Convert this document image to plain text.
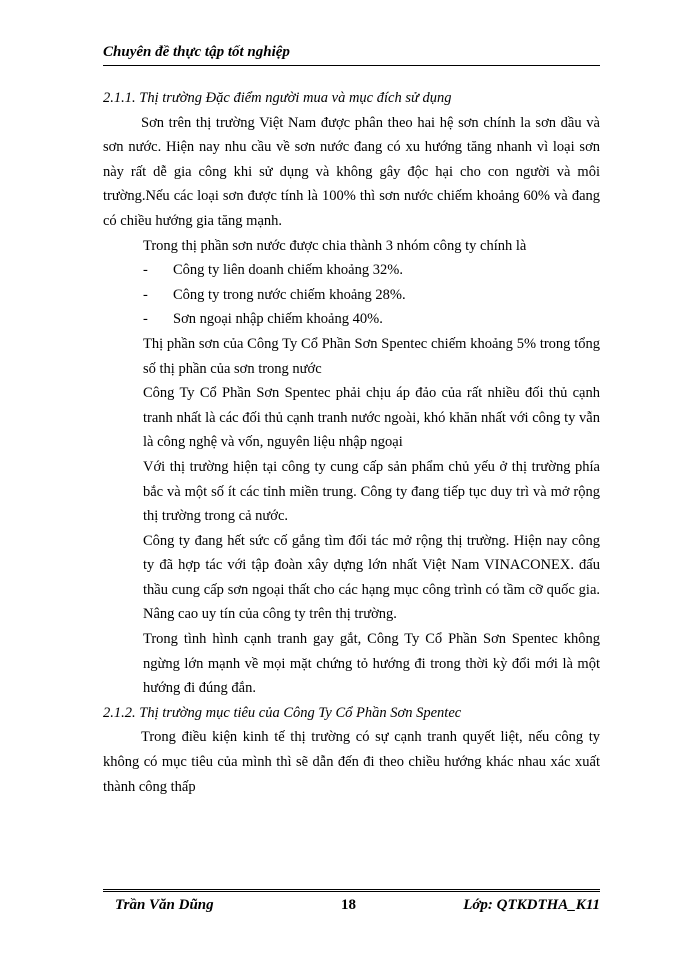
Chuyên đề thực tập tốt nghiệp

2.1.1. Thị trường Đặc điểm người mua và mục đích sử dụng

Sơn trên thị trường Việt Nam được phân theo hai hệ sơn chính la sơn dầu và sơn nước. Hiện nay nhu cầu về sơn nước đang có xu hướng tăng nhanh vì loại sơn này rất dễ gia công khi sử dụng và không gây độc hại cho con người và môi trường.Nếu các loại sơn được tính là 100% thì sơn nước chiếm khoảng 60% và đang có chiều hướng gia tăng mạnh.

Trong thị phần sơn nước được chia thành 3 nhóm công ty chính là

-	Công ty liên doanh chiếm khoảng 32%.
-	Công ty trong nước chiếm khoảng 28%.
-	Sơn ngoại nhập chiếm khoảng 40%.

Thị phần sơn của Công Ty Cổ Phần Sơn Spentec chiếm khoảng 5% trong tổng số thị phần của sơn trong nước

Công Ty Cổ Phần Sơn Spentec phải chịu áp đảo của rất nhiều đối thủ cạnh tranh nhất là các đối thủ cạnh tranh nước ngoài, khó khăn nhất với công ty vẫn là công nghệ và vốn, nguyên liệu nhập ngoại

Với thị trường hiện tại công ty cung cấp sản phẩm chủ yếu ở thị trường phía bắc và một số ít các tỉnh miền trung. Công ty đang tiếp tục duy trì và mở rộng thị trường trong cả nước.

Công ty đang hết sức cố gắng tìm đối tác mở rộng thị trường. Hiện nay công ty đã hợp tác với tập đoàn xây dựng lớn nhất Việt Nam VINACONEX. đấu thầu cung cấp sơn ngoại thất cho các hạng mục công trình có tầm cỡ quốc gia. Nâng cao uy tín của công ty trên thị trường.

Trong tình hình cạnh tranh gay gắt, Công Ty Cổ Phần Sơn Spentec không ngừng lớn mạnh về mọi mặt chứng tỏ hướng đi trong thời kỳ đổi mới là một hướng đi đúng đắn.

2.1.2. Thị trường mục tiêu của Công Ty Cổ Phần Sơn Spentec

Trong điều kiện kinh tế thị trường có sự cạnh tranh quyết liệt, nếu công ty không có mục tiêu của mình thì sẽ dẫn đến đi theo chiều hướng khác nhau xác xuất thành công thấp

Trần Văn Dũng	18	Lớp: QTKDTHA_K11
